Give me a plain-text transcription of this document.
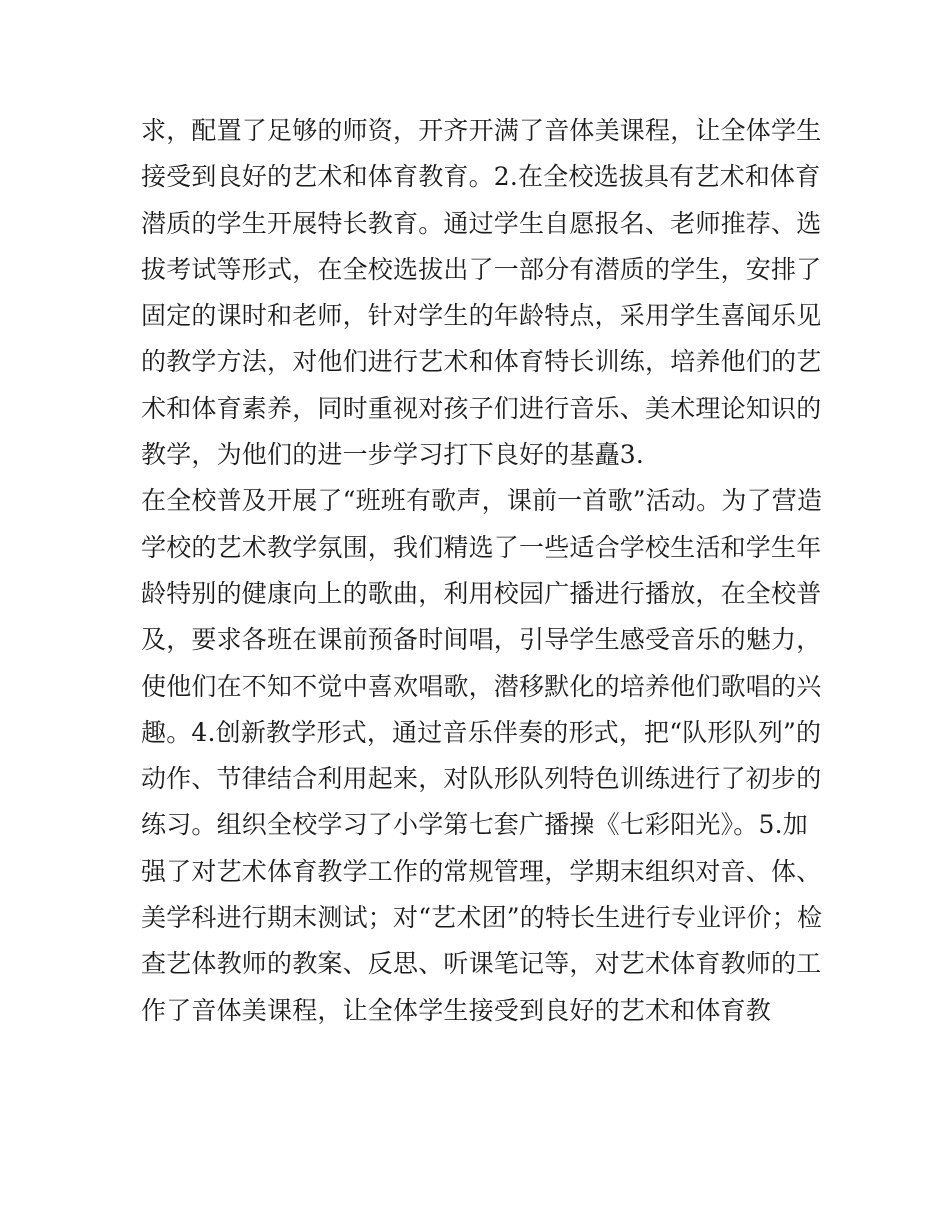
求，配置了足够的师资，开齐开满了音体美课程，让全体学生
接受到良好的艺术和体育教育。2.在全校选拔具有艺术和体育
潜质的学生开展特长教育。通过学生自愿报名、老师推荐、选
拔考试等形式，在全校选拔出了一部分有潜质的学生，安排了
固定的课时和老师，针对学生的年龄特点，采用学生喜闻乐见
的教学方法，对他们进行艺术和体育特长训练，培养他们的艺
术和体育素养，同时重视对孩子们进行音乐、美术理论知识的
教学，为他们的进一步学习打下良好的基矗3.
在全校普及开展了“班班有歌声，课前一首歌”活动。为了营造
学校的艺术教学氛围，我们精选了一些适合学校生活和学生年
龄特别的健康向上的歌曲，利用校园广播进行播放，在全校普
及，要求各班在课前预备时间唱，引导学生感受音乐的魅力，
使他们在不知不觉中喜欢唱歌，潜移默化的培养他们歌唱的兴
趣。4.创新教学形式，通过音乐伴奏的形式，把“队形队列”的
动作、节律结合利用起来，对队形队列特色训练进行了初步的
练习。组织全校学习了小学第七套广播操《七彩阳光》。5.加
强了对艺术体育教学工作的常规管理，学期末组织对音、体、
美学科进行期末测试；对“艺术团”的特长生进行专业评价；检
查艺体教师的教案、反思、听课笔记等，对艺术体育教师的工
作了音体美课程，让全体学生接受到良好的艺术和体育教
